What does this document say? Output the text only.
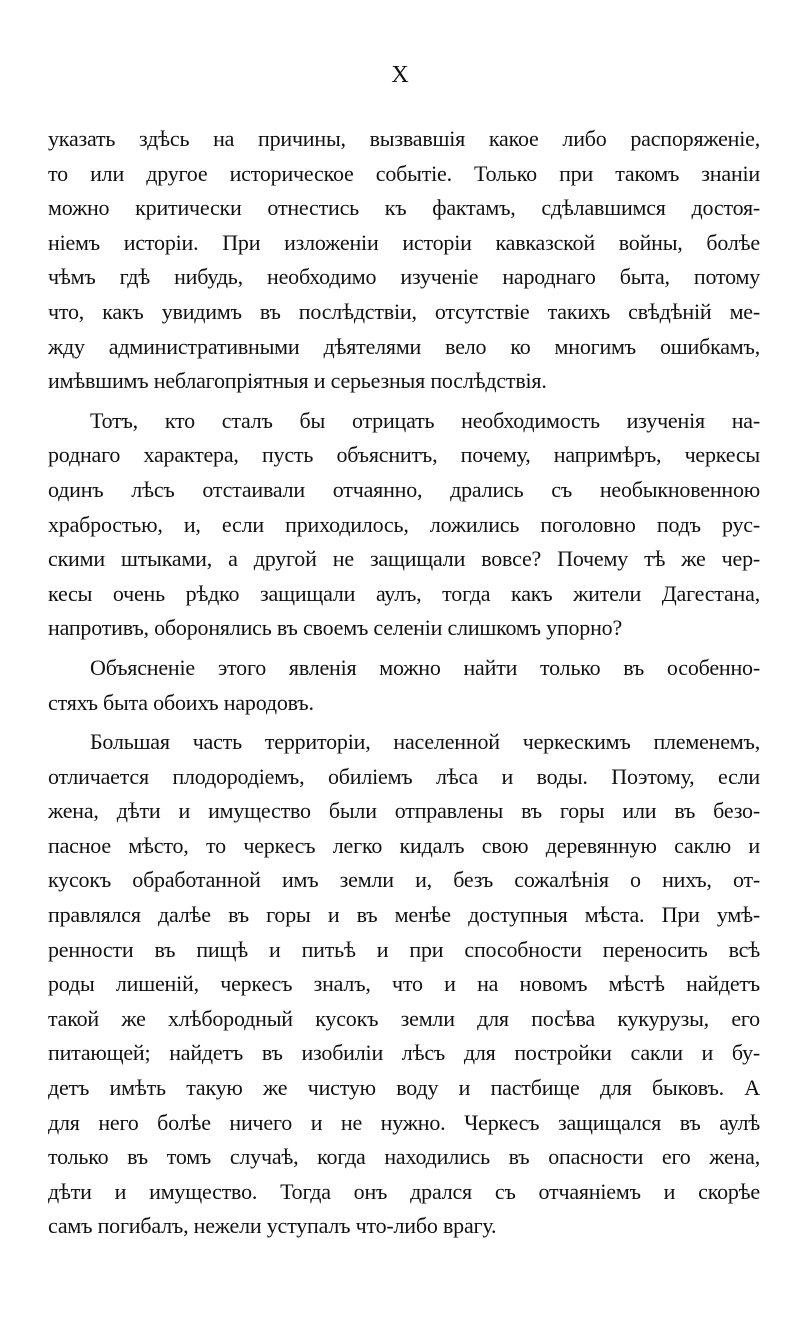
X
указать здѣсь на причины, вызвавшія какое либо распоряженіе,
то или другое историческое событіе. Только при такомъ знаніи
можно критически отнестись къ фактамъ, сдѣлавшимся достоя-
ніемъ исторіи. При изложеніи исторіи кавказской войны, болѣе
чѣмъ гдѣ нибудь, необходимо изученіе народнаго быта, потому
что, какъ увидимъ въ послѣдствіи, отсутствіе такихъ свѣдѣній ме-
жду административными дѣятелями вело ко многимъ ошибкамъ,
имѣвшимъ неблагопріятныя и серьезныя послѣдствія.
Тотъ, кто сталъ бы отрицать необходимость изученія на-
роднаго характера, пусть объяснитъ, почему, напримѣръ, черкесы
одинъ лѣсъ отстаивали отчаянно, дрались съ необыкновенною
храбростью, и, если приходилось, ложились поголовно подъ рус-
скими штыками, а другой не защищали вовсе? Почему тѣ же чер-
кесы очень рѣдко защищали аулъ, тогда какъ жители Дагестана,
напротивъ, оборонялись въ своемъ селеніи слишкомъ упорно?
Объясненіе этого явленія можно найти только въ особенно-
стяхъ быта обоихъ народовъ.
Большая часть территоріи, населенной черкескимъ племенемъ,
отличается плодородіемъ, обиліемъ лѣса и воды. Поэтому, если
жена, дѣти и имущество были отправлены въ горы или въ безо-
пасное мѣсто, то черкесъ легко кидалъ свою деревянную саклю и
кусокъ обработанной имъ земли и, безъ сожалѣнія о нихъ, от-
правлялся далѣе въ горы и въ менѣе доступныя мѣста. При умѣ-
ренности въ пищѣ и питьѣ и при способности переносить всѣ
роды лишеній, черкесъ зналъ, что и на новомъ мѣстѣ найдетъ
такой же хлѣбородный кусокъ земли для посѣва кукурузы, его
питающей; найдетъ въ изобиліи лѣсъ для постройки сакли и бу-
детъ имѣть такую же чистую воду и пастбище для быковъ. А
для него болѣе ничего и не нужно. Черкесъ защищался въ аулѣ
только въ томъ случаѣ, когда находились въ опасности его жена,
дѣти и имущество. Тогда онъ дрался съ отчаяніемъ и скорѣе
самъ погибалъ, нежели уступалъ что-либо врагу.
